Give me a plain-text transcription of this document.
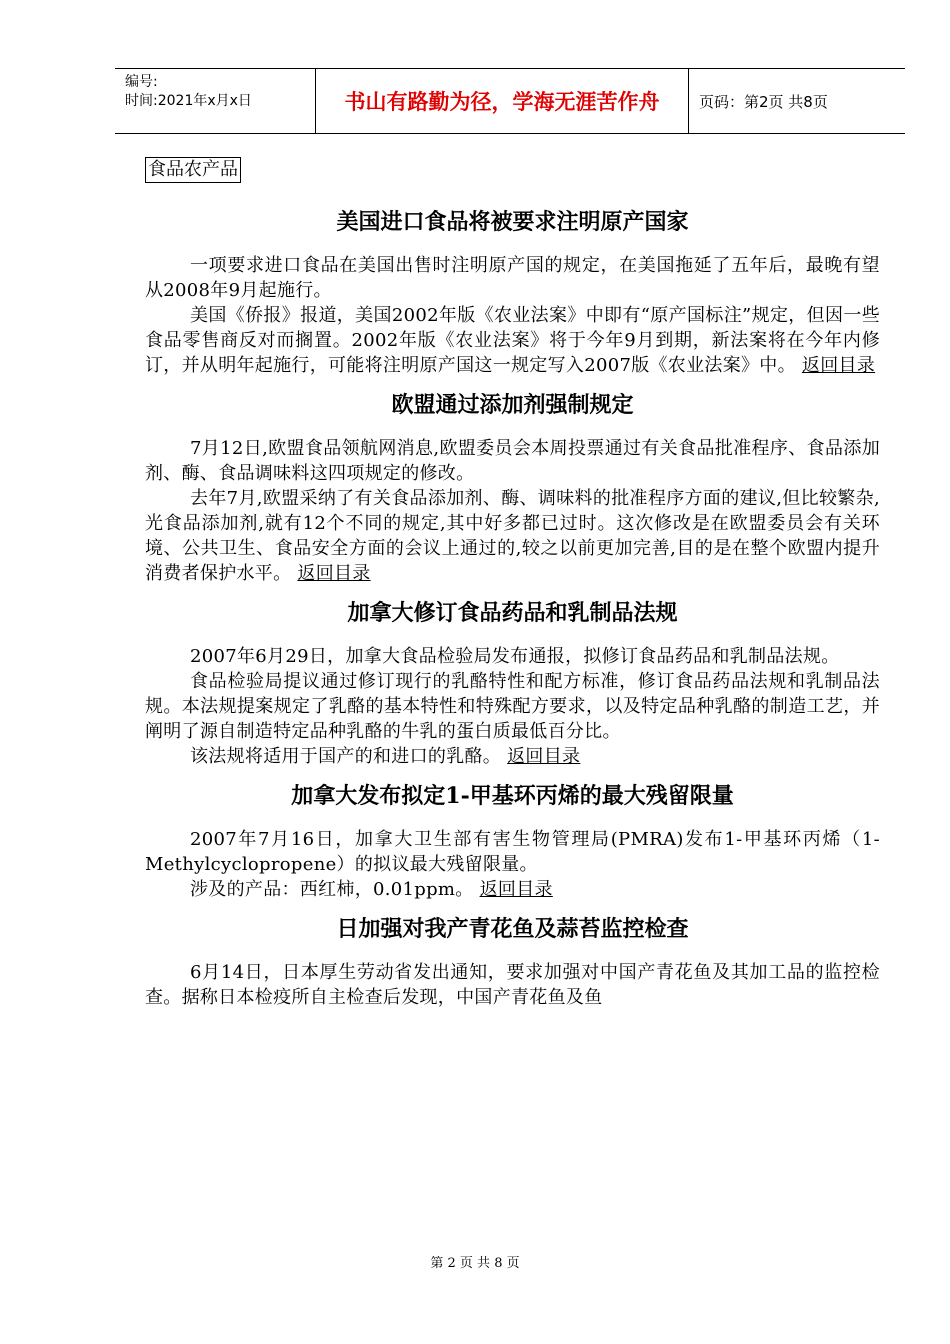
编号:
时间:2021年x月x日	书山有路勤为径，学海无涯苦作舟	页码：第2页 共8页
食品农产品
美国进口食品将被要求注明原产国家

一项要求进口食品在美国出售时注明原产国的规定，在美国拖延了五年后，最晚有望从2008年9月起施行。

美国《侨报》报道，美国2002年版《农业法案》中即有“原产国标注”规定，但因一些食品零售商反对而搁置。2002年版《农业法案》将于今年9月到期，新法案将在今年内修订，并从明年起施行，可能将注明原产国这一规定写入2007版《农业法案》中。 返回目录

欧盟通过添加剂强制规定

7月12日,欧盟食品领航网消息,欧盟委员会本周投票通过有关食品批准程序、食品添加剂、酶、食品调味料这四项规定的修改。

去年7月,欧盟采纳了有关食品添加剂、酶、调味料的批准程序方面的建议,但比较繁杂,光食品添加剂,就有12个不同的规定,其中好多都已过时。这次修改是在欧盟委员会有关环境、公共卫生、食品安全方面的会议上通过的,较之以前更加完善,目的是在整个欧盟内提升消费者保护水平。 返回目录

加拿大修订食品药品和乳制品法规

2007年6月29日，加拿大食品检验局发布通报，拟修订食品药品和乳制品法规。

食品检验局提议通过修订现行的乳酪特性和配方标准，修订食品药品法规和乳制品法规。本法规提案规定了乳酪的基本特性和特殊配方要求，以及特定品种乳酪的制造工艺，并阐明了源自制造特定品种乳酪的牛乳的蛋白质最低百分比。

该法规将适用于国产的和进口的乳酪。 返回目录

加拿大发布拟定1-甲基环丙烯的最大残留限量

2007年7月16日，加拿大卫生部有害生物管理局(PMRA)发布1-甲基环丙烯（1-Methylcyclopropene）的拟议最大残留限量。

涉及的产品：西红柿，0.01ppm。 返回目录

日加强对我产青花鱼及蒜苔监控检查

6月14日，日本厚生劳动省发出通知，要求加强对中国产青花鱼及其加工品的监控检查。据称日本检疫所自主检查后发现，中国产青花鱼及鱼

第 2 页 共 8 页
